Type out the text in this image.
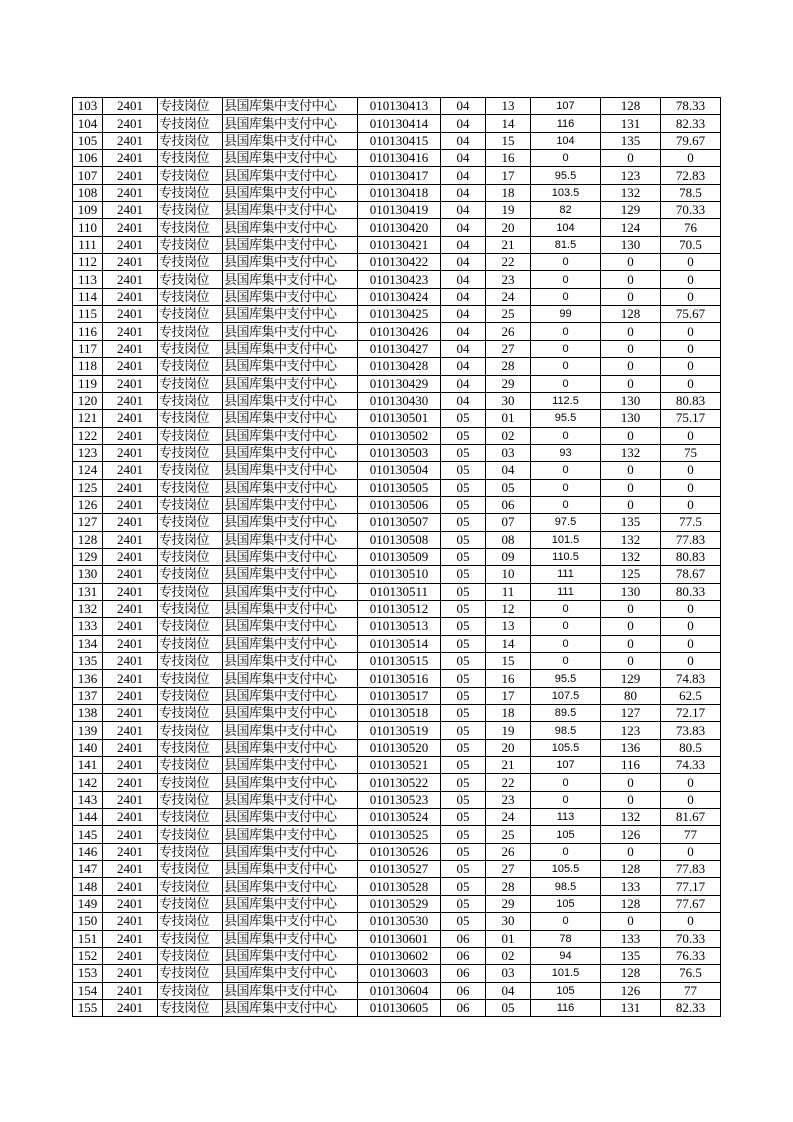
103	2401	专技岗位	县国库集中支付中心	010130413	04	13	107	128	78.33
104	2401	专技岗位	县国库集中支付中心	010130414	04	14	116	131	82.33
105	2401	专技岗位	县国库集中支付中心	010130415	04	15	104	135	79.67
106	2401	专技岗位	县国库集中支付中心	010130416	04	16	0	0	0
107	2401	专技岗位	县国库集中支付中心	010130417	04	17	95.5	123	72.83
108	2401	专技岗位	县国库集中支付中心	010130418	04	18	103.5	132	78.5
109	2401	专技岗位	县国库集中支付中心	010130419	04	19	82	129	70.33
110	2401	专技岗位	县国库集中支付中心	010130420	04	20	104	124	76
111	2401	专技岗位	县国库集中支付中心	010130421	04	21	81.5	130	70.5
112	2401	专技岗位	县国库集中支付中心	010130422	04	22	0	0	0
113	2401	专技岗位	县国库集中支付中心	010130423	04	23	0	0	0
114	2401	专技岗位	县国库集中支付中心	010130424	04	24	0	0	0
115	2401	专技岗位	县国库集中支付中心	010130425	04	25	99	128	75.67
116	2401	专技岗位	县国库集中支付中心	010130426	04	26	0	0	0
117	2401	专技岗位	县国库集中支付中心	010130427	04	27	0	0	0
118	2401	专技岗位	县国库集中支付中心	010130428	04	28	0	0	0
119	2401	专技岗位	县国库集中支付中心	010130429	04	29	0	0	0
120	2401	专技岗位	县国库集中支付中心	010130430	04	30	112.5	130	80.83
121	2401	专技岗位	县国库集中支付中心	010130501	05	01	95.5	130	75.17
122	2401	专技岗位	县国库集中支付中心	010130502	05	02	0	0	0
123	2401	专技岗位	县国库集中支付中心	010130503	05	03	93	132	75
124	2401	专技岗位	县国库集中支付中心	010130504	05	04	0	0	0
125	2401	专技岗位	县国库集中支付中心	010130505	05	05	0	0	0
126	2401	专技岗位	县国库集中支付中心	010130506	05	06	0	0	0
127	2401	专技岗位	县国库集中支付中心	010130507	05	07	97.5	135	77.5
128	2401	专技岗位	县国库集中支付中心	010130508	05	08	101.5	132	77.83
129	2401	专技岗位	县国库集中支付中心	010130509	05	09	110.5	132	80.83
130	2401	专技岗位	县国库集中支付中心	010130510	05	10	111	125	78.67
131	2401	专技岗位	县国库集中支付中心	010130511	05	11	111	130	80.33
132	2401	专技岗位	县国库集中支付中心	010130512	05	12	0	0	0
133	2401	专技岗位	县国库集中支付中心	010130513	05	13	0	0	0
134	2401	专技岗位	县国库集中支付中心	010130514	05	14	0	0	0
135	2401	专技岗位	县国库集中支付中心	010130515	05	15	0	0	0
136	2401	专技岗位	县国库集中支付中心	010130516	05	16	95.5	129	74.83
137	2401	专技岗位	县国库集中支付中心	010130517	05	17	107.5	80	62.5
138	2401	专技岗位	县国库集中支付中心	010130518	05	18	89.5	127	72.17
139	2401	专技岗位	县国库集中支付中心	010130519	05	19	98.5	123	73.83
140	2401	专技岗位	县国库集中支付中心	010130520	05	20	105.5	136	80.5
141	2401	专技岗位	县国库集中支付中心	010130521	05	21	107	116	74.33
142	2401	专技岗位	县国库集中支付中心	010130522	05	22	0	0	0
143	2401	专技岗位	县国库集中支付中心	010130523	05	23	0	0	0
144	2401	专技岗位	县国库集中支付中心	010130524	05	24	113	132	81.67
145	2401	专技岗位	县国库集中支付中心	010130525	05	25	105	126	77
146	2401	专技岗位	县国库集中支付中心	010130526	05	26	0	0	0
147	2401	专技岗位	县国库集中支付中心	010130527	05	27	105.5	128	77.83
148	2401	专技岗位	县国库集中支付中心	010130528	05	28	98.5	133	77.17
149	2401	专技岗位	县国库集中支付中心	010130529	05	29	105	128	77.67
150	2401	专技岗位	县国库集中支付中心	010130530	05	30	0	0	0
151	2401	专技岗位	县国库集中支付中心	010130601	06	01	78	133	70.33
152	2401	专技岗位	县国库集中支付中心	010130602	06	02	94	135	76.33
153	2401	专技岗位	县国库集中支付中心	010130603	06	03	101.5	128	76.5
154	2401	专技岗位	县国库集中支付中心	010130604	06	04	105	126	77
155	2401	专技岗位	县国库集中支付中心	010130605	06	05	116	131	82.33
